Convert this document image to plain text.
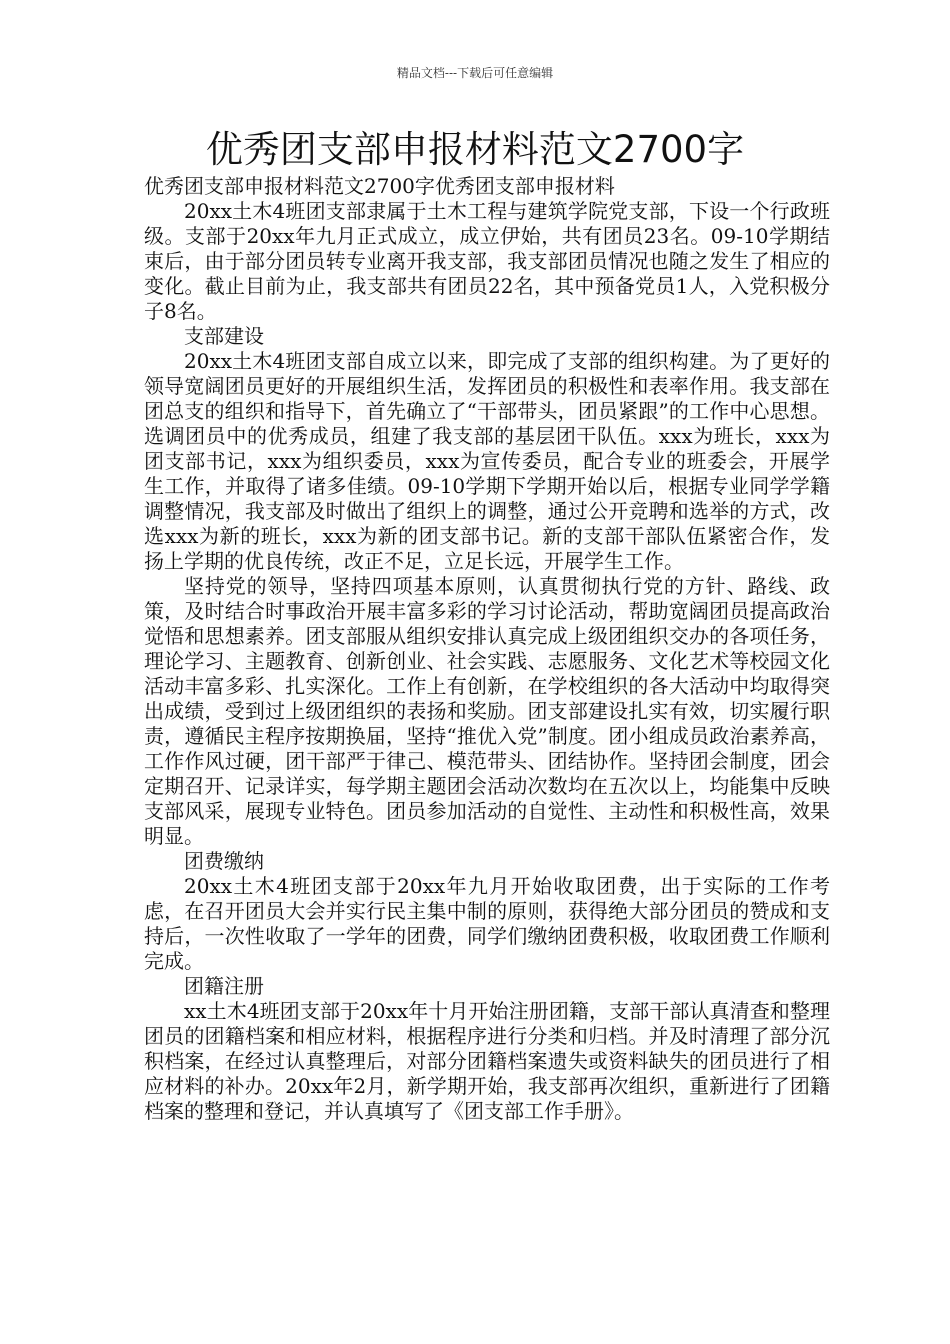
精品文档---下载后可任意编辑
优秀团支部申报材料范文2700字

优秀团支部申报材料范文2700字优秀团支部申报材料

20xx土木4班团支部隶属于土木工程与建筑学院党支部，下设一个行政班级。支部于20xx年九月正式成立，成立伊始，共有团员23名。09-10学期结束后，由于部分团员转专业离开我支部，我支部团员情况也随之发生了相应的变化。截止目前为止，我支部共有团员22名，其中预备党员1人，入党积极分子8名。

支部建设

20xx土木4班团支部自成立以来，即完成了支部的组织构建。为了更好的领导宽阔团员更好的开展组织生活，发挥团员的积极性和表率作用。我支部在团总支的组织和指导下，首先确立了“干部带头，团员紧跟”的工作中心思想。选调团员中的优秀成员，组建了我支部的基层团干队伍。xxx为班长，xxx为团支部书记，xxx为组织委员，xxx为宣传委员，配合专业的班委会，开展学生工作，并取得了诸多佳绩。09-10学期下学期开始以后，根据专业同学学籍调整情况，我支部及时做出了组织上的调整，通过公开竞聘和选举的方式，改选xxx为新的班长，xxx为新的团支部书记。新的支部干部队伍紧密合作，发扬上学期的优良传统，改正不足，立足长远，开展学生工作。

坚持党的领导，坚持四项基本原则，认真贯彻执行党的方针、路线、政策，及时结合时事政治开展丰富多彩的学习讨论活动，帮助宽阔团员提高政治觉悟和思想素养。团支部服从组织安排认真完成上级团组织交办的各项任务，理论学习、主题教育、创新创业、社会实践、志愿服务、文化艺术等校园文化活动丰富多彩、扎实深化。工作上有创新，在学校组织的各大活动中均取得突出成绩，受到过上级团组织的表扬和奖励。团支部建设扎实有效，切实履行职责，遵循民主程序按期换届，坚持“推优入党”制度。团小组成员政治素养高，工作作风过硬，团干部严于律己、模范带头、团结协作。坚持团会制度，团会定期召开、记录详实，每学期主题团会活动次数均在五次以上，均能集中反映支部风采，展现专业特色。团员参加活动的自觉性、主动性和积极性高，效果明显。

团费缴纳

20xx土木4班团支部于20xx年九月开始收取团费，出于实际的工作考虑，在召开团员大会并实行民主集中制的原则，获得绝大部分团员的赞成和支持后，一次性收取了一学年的团费，同学们缴纳团费积极，收取团费工作顺利完成。

团籍注册

xx土木4班团支部于20xx年十月开始注册团籍，支部干部认真清查和整理团员的团籍档案和相应材料，根据程序进行分类和归档。并及时清理了部分沉积档案，在经过认真整理后，对部分团籍档案遗失或资料缺失的团员进行了相应材料的补办。20xx年2月，新学期开始，我支部再次组织，重新进行了团籍档案的整理和登记，并认真填写了《团支部工作手册》。
